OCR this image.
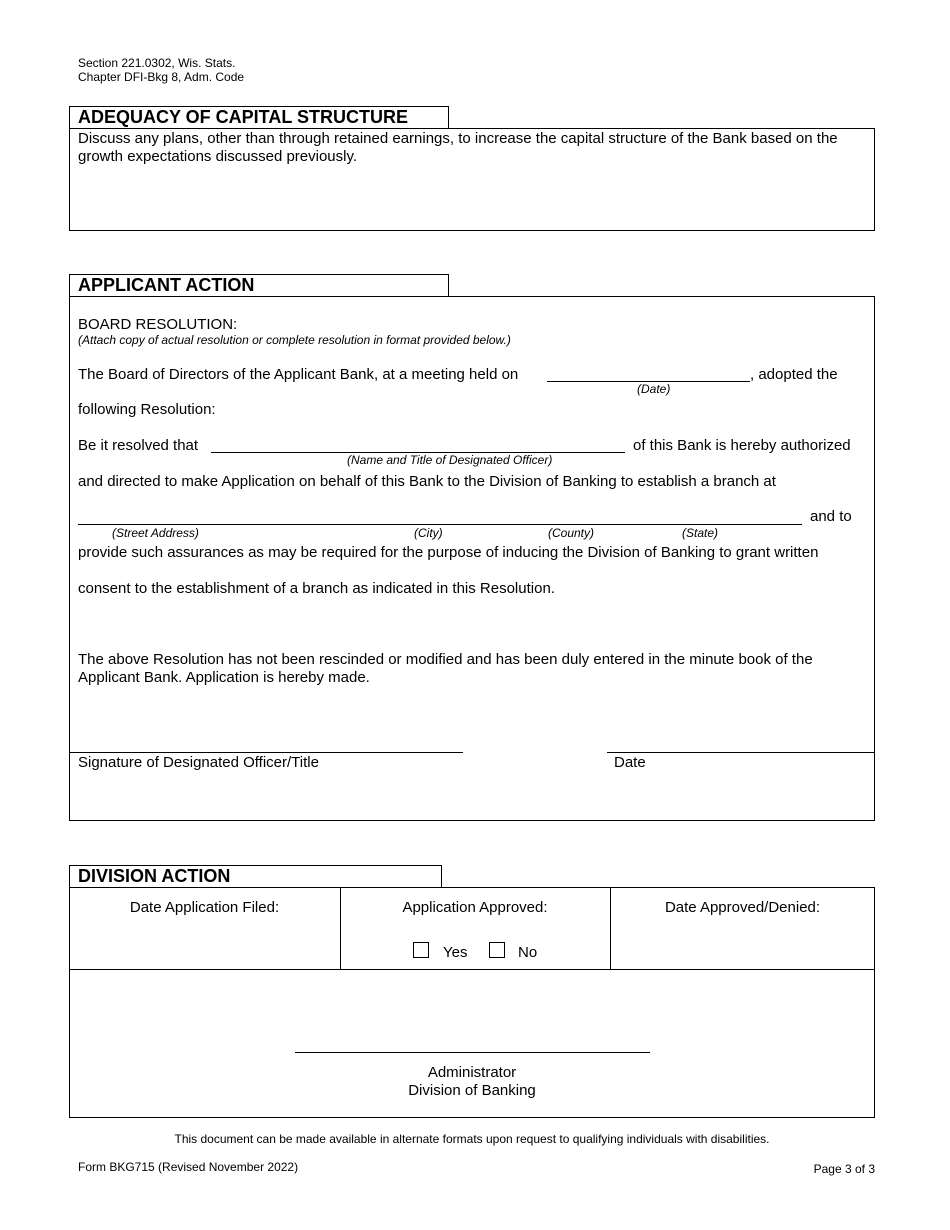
Section 221.0302, Wis. Stats.
Chapter DFI-Bkg 8, Adm. Code
ADEQUACY OF CAPITAL STRUCTURE
Discuss any plans, other than through retained earnings, to increase the capital structure of the Bank based on the growth expectations discussed previously.
APPLICANT ACTION
BOARD RESOLUTION:
(Attach copy of actual resolution or complete resolution in format provided below.)
The Board of Directors of the Applicant Bank, at a meeting held on	, adopted the
(Date)
following Resolution:
Be it resolved that	of this Bank is hereby authorized
(Name and Title of Designated Officer)
and directed to make Application on behalf of this Bank to the Division of Banking to establish a branch at
and to
(Street Address)	(City)	(County)	(State)
provide such assurances as may be required for the purpose of inducing the Division of Banking to grant written
consent to the establishment of a branch as indicated in this Resolution.
The above Resolution has not been rescinded or modified and has been duly entered in the minute book of the Applicant Bank. Application is hereby made.
Signature of Designated Officer/Title	Date
DIVISION ACTION
Date Application Filed:	Application Approved:	Date Approved/Denied:
Yes	No
Administrator
Division of Banking
This document can be made available in alternate formats upon request to qualifying individuals with disabilities.
Form BKG715 (Revised November 2022)	Page 3 of 3
